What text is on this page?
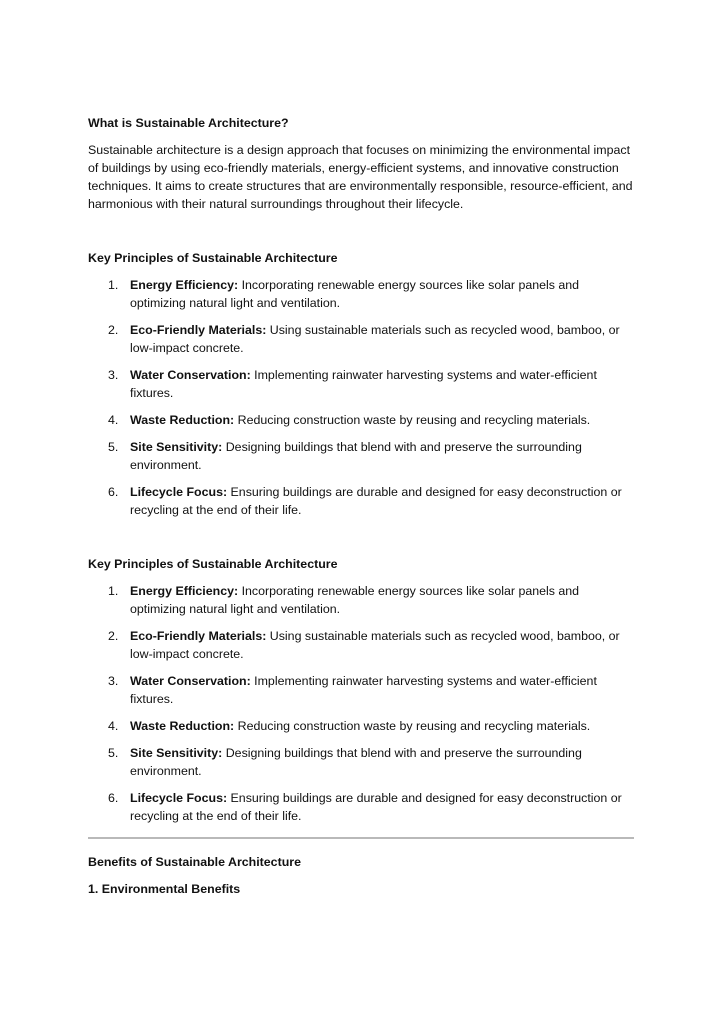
What is Sustainable Architecture?

Sustainable architecture is a design approach that focuses on minimizing the environmental impact of buildings by using eco-friendly materials, energy-efficient systems, and innovative construction techniques. It aims to create structures that are environmentally responsible, resource-efficient, and harmonious with their natural surroundings throughout their lifecycle.

Key Principles of Sustainable Architecture
1. Energy Efficiency: Incorporating renewable energy sources like solar panels and optimizing natural light and ventilation.
2. Eco-Friendly Materials: Using sustainable materials such as recycled wood, bamboo, or low-impact concrete.
3. Water Conservation: Implementing rainwater harvesting systems and water-efficient fixtures.
4. Waste Reduction: Reducing construction waste by reusing and recycling materials.
5. Site Sensitivity: Designing buildings that blend with and preserve the surrounding environment.
6. Lifecycle Focus: Ensuring buildings are durable and designed for easy deconstruction or recycling at the end of their life.
Key Principles of Sustainable Architecture
1. Energy Efficiency: Incorporating renewable energy sources like solar panels and optimizing natural light and ventilation.
2. Eco-Friendly Materials: Using sustainable materials such as recycled wood, bamboo, or low-impact concrete.
3. Water Conservation: Implementing rainwater harvesting systems and water-efficient fixtures.
4. Waste Reduction: Reducing construction waste by reusing and recycling materials.
5. Site Sensitivity: Designing buildings that blend with and preserve the surrounding environment.
6. Lifecycle Focus: Ensuring buildings are durable and designed for easy deconstruction or recycling at the end of their life.
Benefits of Sustainable Architecture
1. Environmental Benefits
